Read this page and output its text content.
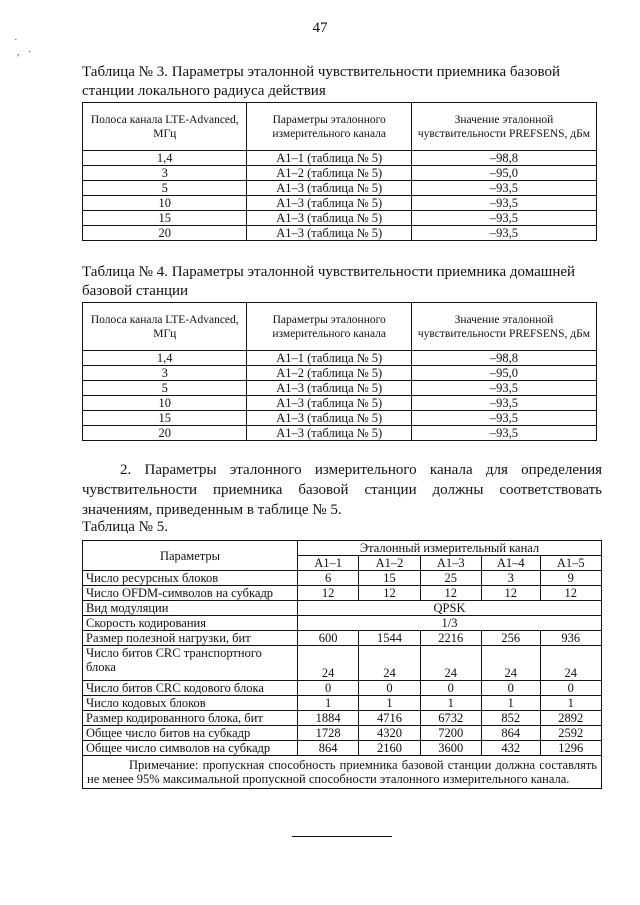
47
·
,   ·
Таблица № 3. Параметры эталонной чувствительности приемника базовой станции локального радиуса действия
Полоса канала LTE-Advanced, МГц	Параметры эталонного измерительного канала	Значение эталонной чувствительности PREFSENS, дБм
1,4	A1–1 (таблица № 5)	–98,8
3	A1–2 (таблица № 5)	–95,0
5	A1–3 (таблица № 5)	–93,5
10	A1–3 (таблица № 5)	–93,5
15	A1–3 (таблица № 5)	–93,5
20	A1–3 (таблица № 5)	–93,5
Таблица № 4. Параметры эталонной чувствительности приемника домашней базовой станции
Полоса канала LTE-Advanced, МГц	Параметры эталонного измерительного канала	Значение эталонной чувствительности PREFSENS, дБм
1,4	A1–1 (таблица № 5)	–98,8
3	A1–2 (таблица № 5)	–95,0
5	A1–3 (таблица № 5)	–93,5
10	A1–3 (таблица № 5)	–93,5
15	A1–3 (таблица № 5)	–93,5
20	A1–3 (таблица № 5)	–93,5
2. Параметры эталонного измерительного канала для определения чувствительности приемника базовой станции должны соответствовать значениям, приведенным в таблице № 5.
Таблица № 5.
Параметры	Эталонный измерительный канал				
	A1–1	A1–2	A1–3	A1–4	A1–5
Число ресурсных блоков	6	15	25	3	9
Число OFDM-символов на субкадр	12	12	12	12	12
Вид модуляции	QPSK				
Скорость кодирования	1/3				
Размер полезной нагрузки, бит	600	1544	2216	256	936
Число битов CRC транспортного блока	24	24	24	24	24
Число битов CRC кодового блока	0	0	0	0	0
Число кодовых блоков	1	1	1	1	1
Размер кодированного блока, бит	1884	4716	6732	852	2892
Общее число битов на субкадр	1728	4320	7200	864	2592
Общее число символов на субкадр	864	2160	3600	432	1296
Примечание: пропускная способность приемника базовой станции должна составлять не менее 95% максимальной пропускной способности эталонного измерительного канала.					
